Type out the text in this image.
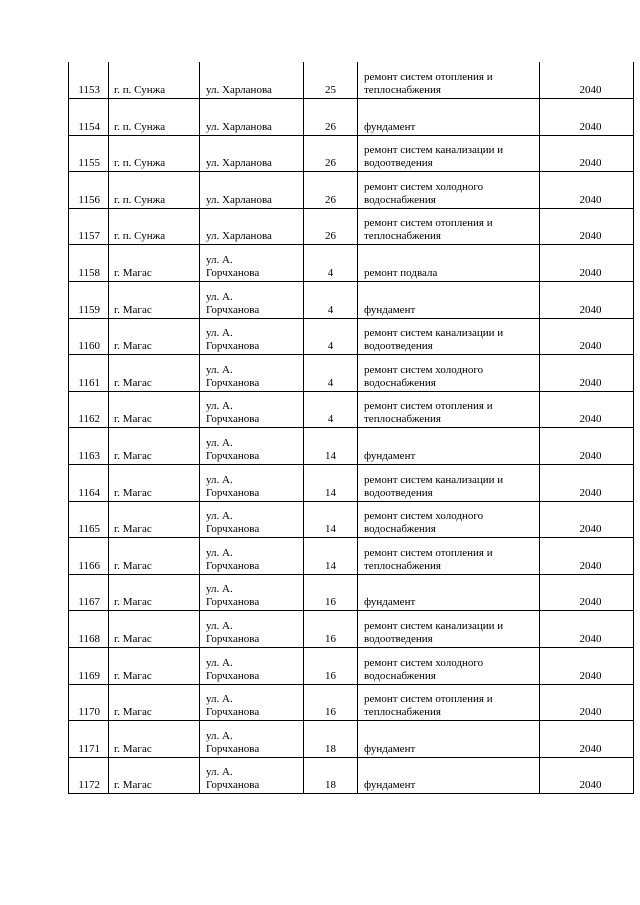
1153	г. п. Сунжа	ул. Харланова	25	ремонт систем отопления и
теплоснабжения	2040
1154	г. п. Сунжа	ул. Харланова	26	фундамент	2040
1155	г. п. Сунжа	ул. Харланова	26	ремонт систем канализации и
водоотведения	2040
1156	г. п. Сунжа	ул. Харланова	26	ремонт систем холодного
водоснабжения	2040
1157	г. п. Сунжа	ул. Харланова	26	ремонт систем отопления и
теплоснабжения	2040
1158	г. Магас	ул. А.
Горчханова	4	ремонт подвала	2040
1159	г. Магас	ул. А.
Горчханова	4	фундамент	2040
1160	г. Магас	ул. А.
Горчханова	4	ремонт систем канализации и
водоотведения	2040
1161	г. Магас	ул. А.
Горчханова	4	ремонт систем холодного
водоснабжения	2040
1162	г. Магас	ул. А.
Горчханова	4	ремонт систем отопления и
теплоснабжения	2040
1163	г. Магас	ул. А.
Горчханова	14	фундамент	2040
1164	г. Магас	ул. А.
Горчханова	14	ремонт систем канализации и
водоотведения	2040
1165	г. Магас	ул. А.
Горчханова	14	ремонт систем холодного
водоснабжения	2040
1166	г. Магас	ул. А.
Горчханова	14	ремонт систем отопления и
теплоснабжения	2040
1167	г. Магас	ул. А.
Горчханова	16	фундамент	2040
1168	г. Магас	ул. А.
Горчханова	16	ремонт систем канализации и
водоотведения	2040
1169	г. Магас	ул. А.
Горчханова	16	ремонт систем холодного
водоснабжения	2040
1170	г. Магас	ул. А.
Горчханова	16	ремонт систем отопления и
теплоснабжения	2040
1171	г. Магас	ул. А.
Горчханова	18	фундамент	2040
1172	г. Магас	ул. А.
Горчханова	18	фундамент	2040
